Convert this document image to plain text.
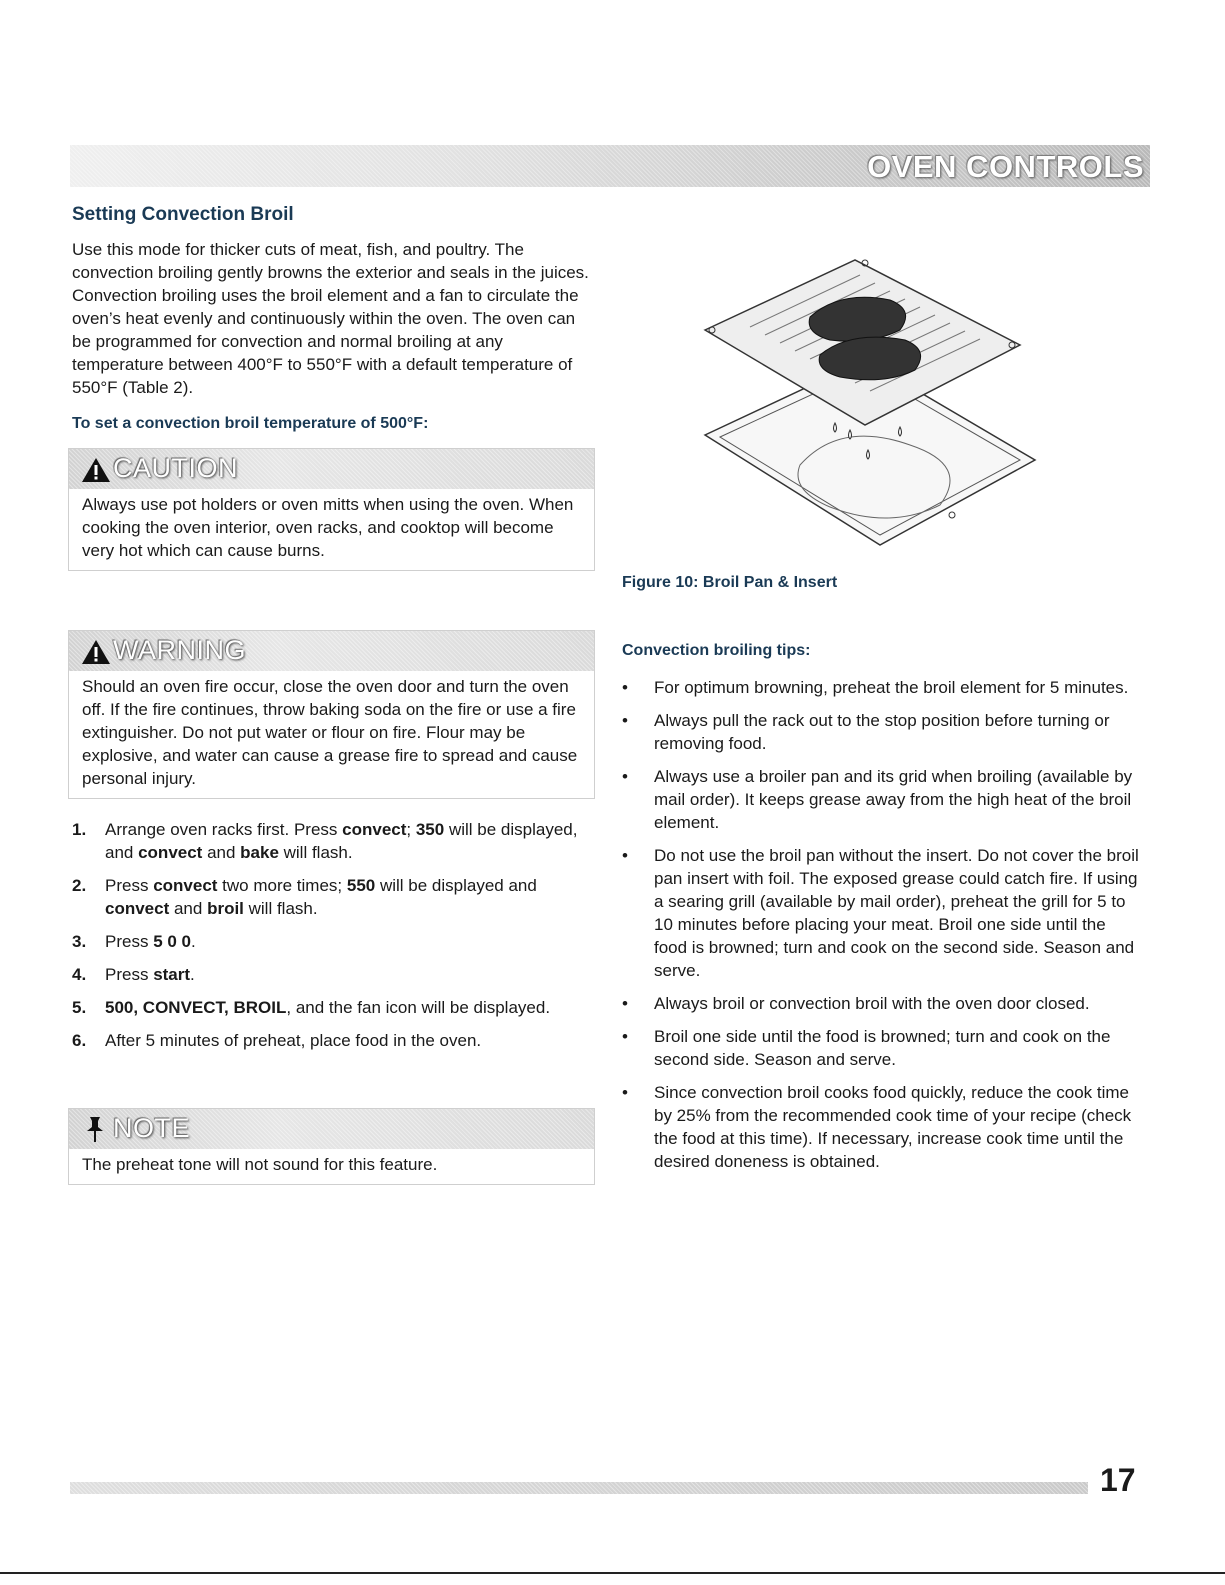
OVEN CONTROLS
Setting Convection Broil

Use this mode for thicker cuts of meat, fish, and poultry. The convection broiling gently browns the exterior and seals in the juices. Convection broiling uses the broil element and a fan to circulate the oven’s heat evenly and continuously within the oven. The oven can be programmed for convection and normal broiling at any temperature between 400°F to 550°F with a default temperature of 550°F (Table 2).

To set a convection broil temperature of 500°F:
CAUTION

Always use pot holders or oven mitts when using the oven. When cooking the oven interior, oven racks, and cooktop will become very hot which can cause burns.

WARNING

Should an oven fire occur, close the oven door and turn the oven off. If the fire continues, throw baking soda on the fire or use a fire extinguisher. Do not put water or flour on fire. Flour may be explosive, and water can cause a grease fire to spread and cause personal injury.

1. Arrange oven racks first. Press convect; 350 will be displayed, and convect and bake will flash.
2. Press convect two more times; 550 will be displayed and convect and broil will flash.
3. Press 5 0 0.
4. Press start.
5. 500, CONVECT, BROIL, and the fan icon will be displayed.
6. After 5 minutes of preheat, place food in the oven.
NOTE

The preheat tone will not sound for this feature.

Figure 10: Broil Pan & Insert
Convection broiling tips:
• For optimum browning, preheat the broil element for 5 minutes.
• Always pull the rack out to the stop position before turning or removing food.
• Always use a broiler pan and its grid when broiling (available by mail order). It keeps grease away from the high heat of the broil element.
• Do not use the broil pan without the insert. Do not cover the broil pan insert with foil. The exposed grease could catch fire. If using a searing grill (available by mail order), preheat the grill for 5 to 10 minutes before placing your meat. Broil one side until the food is browned; turn and cook on the second side. Season and serve.
• Always broil or convection broil with the oven door closed.
• Broil one side until the food is browned; turn and cook on the second side. Season and serve.
• Since convection broil cooks food quickly, reduce the cook time by 25% from the recommended cook time of your recipe (check the food at this time). If necessary, increase cook time until the desired doneness is obtained.
17
